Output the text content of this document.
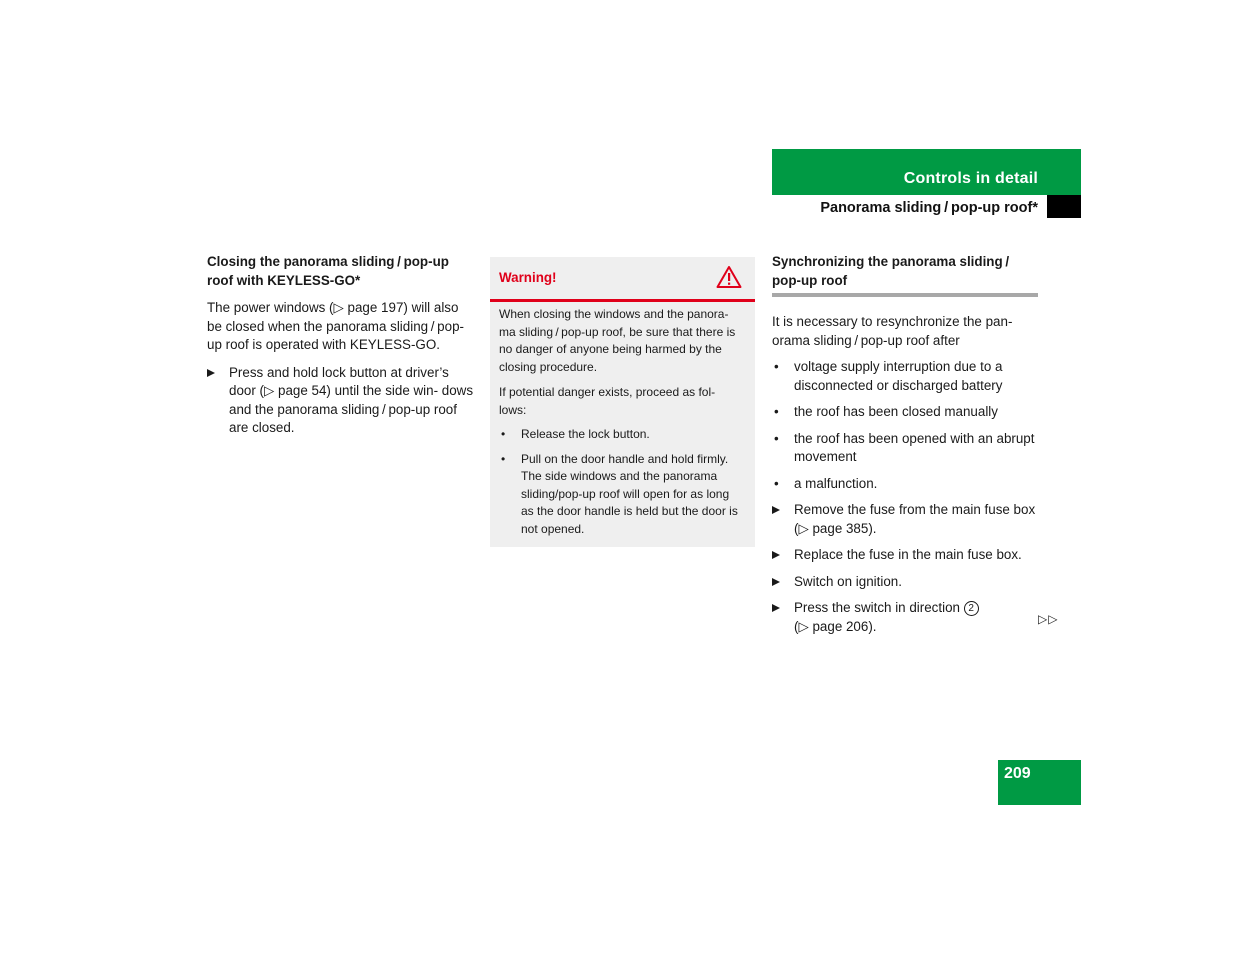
Controls in detail
Panorama sliding / pop-up roof*

Closing the panorama sliding / pop-up roof with KEYLESS-GO*

The power windows (▷ page 197) will also be closed when the panorama sliding / pop-up roof is operated with KEYLESS-GO.

Press and hold lock button at driver’s door (▷ page 54) until the side win- dows and the panorama sliding / pop-up roof are closed.
Warning!

When closing the windows and the panora- ma sliding / pop-up roof, be sure that there is no danger of anyone being harmed by the closing procedure.

If potential danger exists, proceed as fol- lows:

• Release the lock button.
• Pull on the door handle and hold firmly. The side windows and the panorama sliding/pop-up roof will open for as long as the door handle is held but the door is not opened.
Synchronizing the panorama sliding / pop-up roof

It is necessary to resynchronize the pan- orama sliding / pop-up roof after

• voltage supply interruption due to a disconnected or discharged battery
• the roof has been closed manually
• the roof has been opened with an abrupt movement
• a malfunction.
Remove the fuse from the main fuse box (▷ page 385).
Replace the fuse in the main fuse box.
Switch on ignition.
Press the switch in direction 2
(▷ page 206).	▷▷
209
